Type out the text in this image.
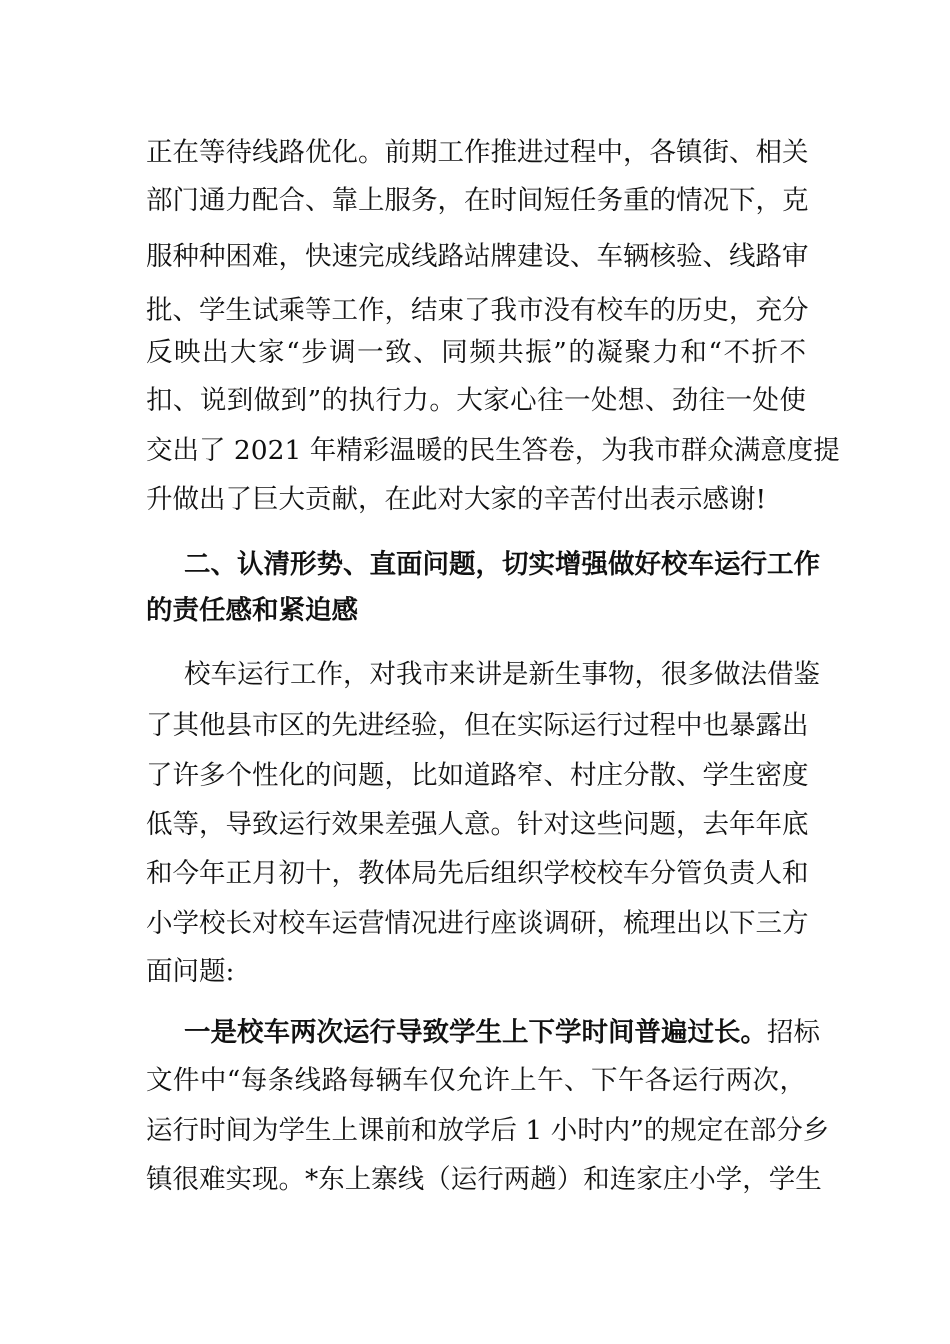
正在等待线路优化。前期工作推进过程中，各镇街、相关
部门通力配合、靠上服务，在时间短任务重的情况下，克
服种种困难，快速完成线路站牌建设、车辆核验、线路审
批、学生试乘等工作，结束了我市没有校车的历史，充分
反映出大家“步调一致、同频共振”的凝聚力和“不折不
扣、说到做到”的执行力。大家心往一处想、劲往一处使
交出了 2021 年精彩温暖的民生答卷，为我市群众满意度提
升做出了巨大贡献，在此对大家的辛苦付出表示感谢!
二、认清形势、直面问题，切实增强做好校车运行工作
的责任感和紧迫感
校车运行工作，对我市来讲是新生事物，很多做法借鉴
了其他县市区的先进经验，但在实际运行过程中也暴露出
了许多个性化的问题，比如道路窄、村庄分散、学生密度
低等，导致运行效果差强人意。针对这些问题，去年年底
和今年正月初十，教体局先后组织学校校车分管负责人和
小学校长对校车运营情况进行座谈调研，梳理出以下三方
面问题:
一是校车两次运行导致学生上下学时间普遍过长。招标
文件中“每条线路每辆车仅允许上午、下午各运行两次，
运行时间为学生上课前和放学后 1 小时内”的规定在部分乡
镇很难实现。*东上寨线（运行两趟）和连家庄小学，学生
